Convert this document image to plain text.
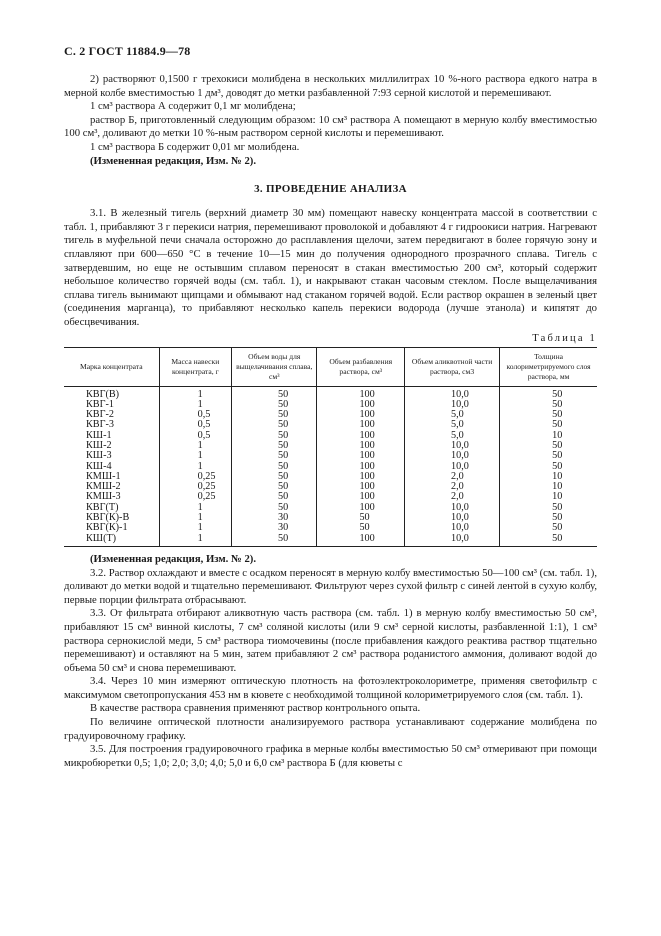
С. 2 ГОСТ 11884.9—78

2) растворяют 0,1500 г трехокиси молибдена в нескольких миллилитрах 10 %-ного раствора едкого натра в мерной колбе вместимостью 1 дм³, доводят до метки разбавленной 7:93 серной кислотой и перемешивают.

1 см³ раствора А содержит 0,1 мг молибдена;

раствор Б, приготовленный следующим образом: 10 см³ раствора А помещают в мерную колбу вместимостью 100 см³, доливают до метки 10 %-ным раствором серной кислоты и перемешивают.

1 см³ раствора Б содержит 0,01 мг молибдена.

(Измененная редакция, Изм. № 2).

3. ПРОВЕДЕНИЕ АНАЛИЗА

3.1. В железный тигель (верхний диаметр 30 мм) помещают навеску концентрата массой в соответствии с табл. 1, прибавляют 3 г перекиси натрия, перемешивают проволокой и добавляют 4 г гидроокиси натрия. Нагревают тигель в муфельной печи сначала осторожно до расплавления щелочи, затем передвигают в более горячую зону и сплавляют при 600—650 °С в течение 10—15 мин до получения однородного прозрачного сплава. Тигель с затвердевшим, но еще не остывшим сплавом переносят в стакан вместимостью 200 см³, который содержит небольшое количество горячей воды (см. табл. 1), и накрывают стакан часовым стеклом. После выщелачивания сплава тигель вынимают щипцами и обмывают над стаканом горячей водой. Если раствор окрашен в зеленый цвет (соединения марганца), то прибавляют несколько капель перекиси водорода (лучше этанола) и кипятят до обесцвечивания.

Таблица 1
Марка концентрата	Масса навески концентрата, г	Объем воды для выщелачивания сплава, см³	Объем разбавления раствора, см³	Объем аликвотной части раствора, см3	Толщина колориметрируемого слоя раствора, мм
КВГ(В)	1	50	100	10,0	50
КВГ-1	1	50	100	10,0	50
КВГ-2	0,5	50	100	5,0	50
КВГ-3	0,5	50	100	5,0	50
КШ-1	0,5	50	100	5,0	10
КШ-2	1	50	100	10,0	50
КШ-3	1	50	100	10,0	50
КШ-4	1	50	100	10,0	50
КМШ-1	0,25	50	100	2,0	10
КМШ-2	0,25	50	100	2,0	10
КМШ-3	0,25	50	100	2,0	10
КВГ(Т)	1	50	100	10,0	50
КВГ(К)-В	1	30	50	10,0	50
КВГ(К)-1	1	30	50	10,0	50
КШ(Т)	1	50	100	10,0	50

(Измененная редакция, Изм. № 2).

3.2. Раствор охлаждают и вместе с осадком переносят в мерную колбу вместимостью 50—100 см³ (см. табл. 1), доливают до метки водой и тщательно перемешивают. Фильтруют через сухой фильтр с синей лентой в сухую колбу, первые порции фильтрата отбрасывают.

3.3. От фильтрата отбирают аликвотную часть раствора (см. табл. 1) в мерную колбу вместимостью 50 см³, прибавляют 15 см³ винной кислоты, 7 см³ соляной кислоты (или 9 см³ серной кислоты, разбавленной 1:1), 1 см³ раствора сернокислой меди, 5 см³ раствора тиомочевины (после прибавления каждого реактива раствор тщательно перемешивают) и оставляют на 5 мин, затем прибавляют 2 см³ раствора роданистого аммония, доливают водой до объема 50 см³ и снова перемешивают.

3.4. Через 10 мин измеряют оптическую плотность на фотоэлектроколориметре, применяя светофильтр с максимумом светопропускания 453 нм в кювете с необходимой толщиной колориметрируемого слоя (см. табл. 1).

В качестве раствора сравнения применяют раствор контрольного опыта.

По величине оптической плотности анализируемого раствора устанавливают содержание молибдена по градуировочному графику.

3.5. Для построения градуировочного графика в мерные колбы вместимостью 50 см³ отмеривают при помощи микробюретки 0,5; 1,0; 2,0; 3,0; 4,0; 5,0 и 6,0 см³ раствора Б (для кюветы с
